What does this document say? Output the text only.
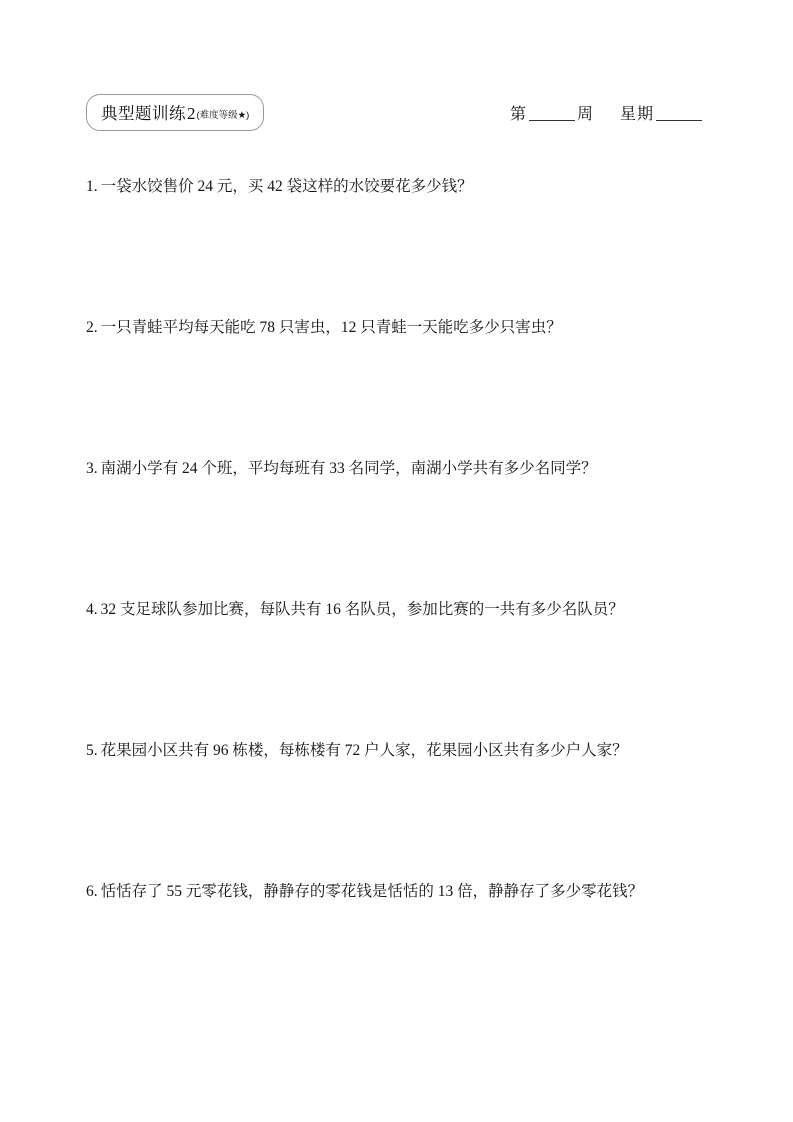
典型题训练 2 (难度等级★)	第	周 星期
1. 一袋水饺售价 24 元，买 42 袋这样的水饺要花多少钱？
2. 一只青蛙平均每天能吃 78 只害虫，12 只青蛙一天能吃多少只害虫？
3. 南湖小学有 24 个班，平均每班有 33 名同学，南湖小学共有多少名同学？
4. 32 支足球队参加比赛，每队共有 16 名队员，参加比赛的一共有多少名队员？
5. 花果园小区共有 96 栋楼，每栋楼有 72 户人家，花果园小区共有多少户人家？
6. 恬恬存了 55 元零花钱，静静存的零花钱是恬恬的 13 倍，静静存了多少零花钱？
